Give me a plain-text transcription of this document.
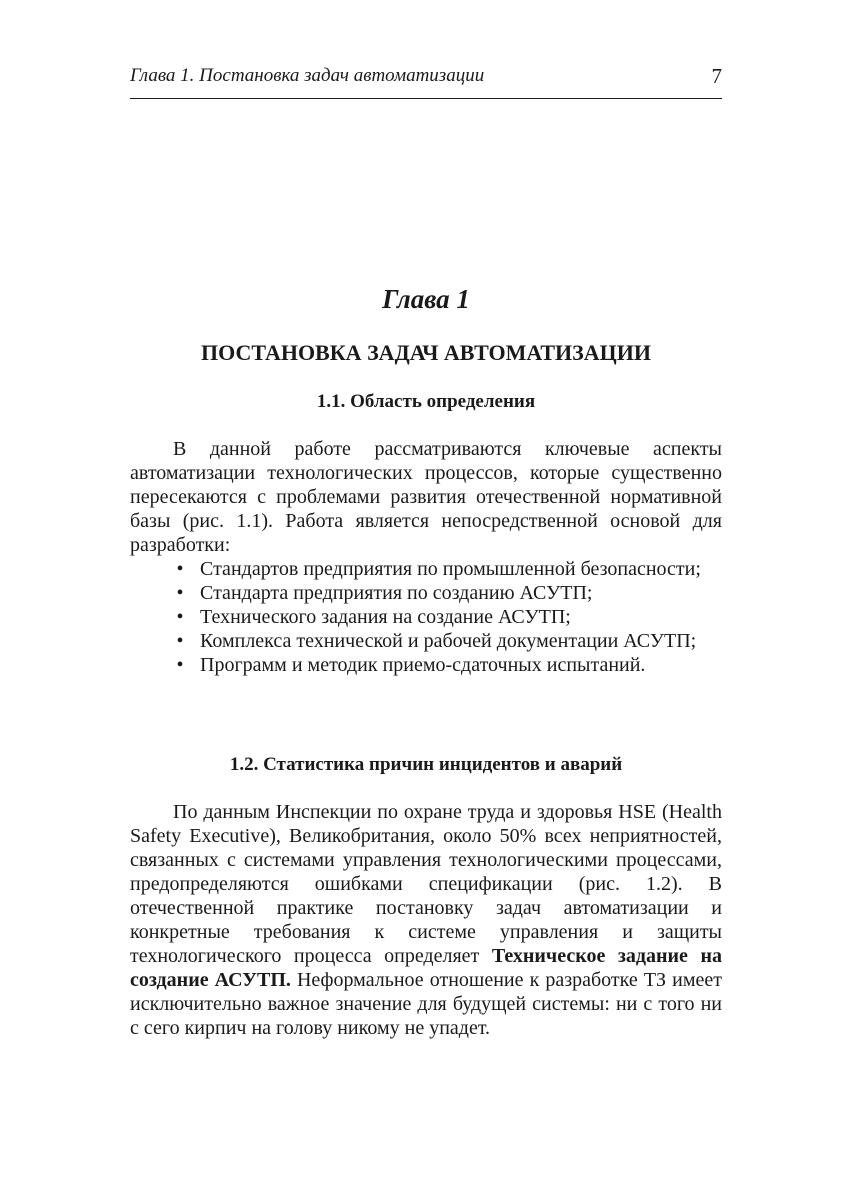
Глава 1. Постановка задач автоматизации	7
Глава 1
ПОСТАНОВКА ЗАДАЧ АВТОМАТИЗАЦИИ
1.1. Область определения

В данной работе рассматриваются ключевые аспекты автоматизации технологических процессов, которые существенно пересекаются с проблемами развития отечественной нормативной базы (рис. 1.1). Работа является непосредственной основой для разработки:

• Стандартов предприятия по промышленной безопасности;
• Стандарта предприятия по созданию АСУТП;
• Технического задания на создание АСУТП;
• Комплекса технической и рабочей документации АСУТП;
• Программ и методик приемо-сдаточных испытаний.
1.2. Статистика причин инцидентов и аварий

По данным Инспекции по охране труда и здоровья HSE (Health Safety Executive), Великобритания, около 50% всех неприятностей, связанных с системами управления технологическими процессами, предопределяются ошибками спецификации (рис. 1.2). В отечественной практике постановку задач автоматизации и конкретные требования к системе управления и защиты технологического процесса определяет Техническое задание на создание АСУТП. Неформальное отношение к разработке ТЗ имеет исключительно важное значение для будущей системы: ни с того ни с сего кирпич на голову никому не упадет.
